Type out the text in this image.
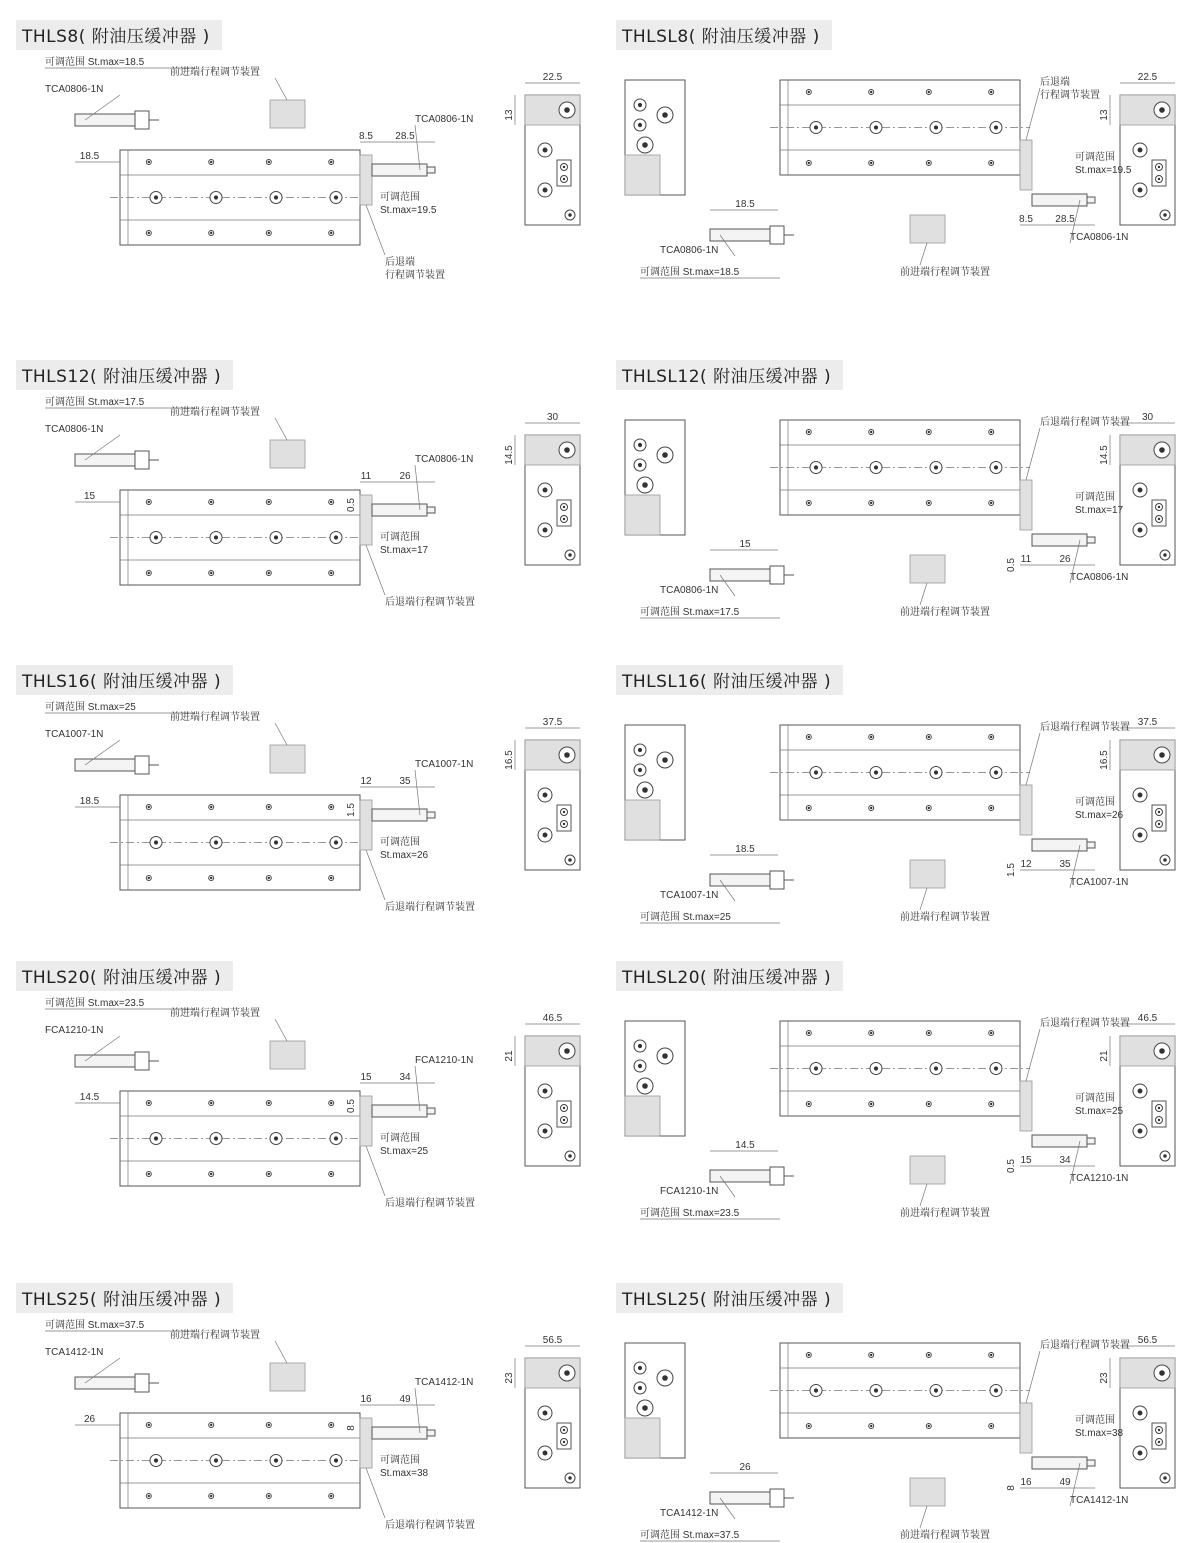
THLS8( 附油压缓冲器 )
22.5
13
可调范围 St.max=18.5
TCA0806-1N
前进端行程调节装置
18.5
8.5 28.5
TCA0806-1N
可调范围
St.max=19.5
后退端
行程调节装置
THLSL8( 附油压缓冲器 )
22.5
13
可调范围 St.max=18.5
TCA0806-1N
前进端行程调节装置
18.5
8.5 28.5
TCA0806-1N
可调范围
St.max=19.5
后退端
行程调节装置
THLS12( 附油压缓冲器 )
30
14.5
可调范围 St.max=17.5
TCA0806-1N
前进端行程调节装置
15
11	26
0.5
TCA0806-1N
可调范围
St.max=17
后退端行程调节装置
THLSL12( 附油压缓冲器 )
30
14.5
可调范围 St.max=17.5
TCA0806-1N
前进端行程调节装置
15
11	26
0.5
TCA0806-1N
可调范围
St.max=17
后退端行程调节装置
THLS16( 附油压缓冲器 )
37.5
16.5
可调范围 St.max=25
TCA1007-1N
前进端行程调节装置
18.5
12	35
1.5
TCA1007-1N
可调范围
St.max=26
后退端行程调节装置
THLSL16( 附油压缓冲器 )
37.5
16.5
可调范围 St.max=25
TCA1007-1N
前进端行程调节装置
18.5
12	35
1.5
TCA1007-1N
可调范围
St.max=26
后退端行程调节装置
THLS20( 附油压缓冲器 )
46.5
21
可调范围 St.max=23.5
FCA1210-1N
前进端行程调节装置
14.5
15	34
0.5
FCA1210-1N
可调范围
St.max=25
后退端行程调节装置
THLSL20( 附油压缓冲器 )
46.5
21
可调范围 St.max=23.5
FCA1210-1N
前进端行程调节装置
14.5
15	34
0.5
TCA1210-1N
可调范围
St.max=25
后退端行程调节装置
THLS25( 附油压缓冲器 )
56.5
23
可调范围 St.max=37.5
TCA1412-1N
前进端行程调节装置
26
16	49
8
TCA1412-1N
可调范围
St.max=38
后退端行程调节装置
THLSL25( 附油压缓冲器 )
56.5
23
可调范围 St.max=37.5
TCA1412-1N
前进端行程调节装置
26
16	49
8
TCA1412-1N
可调范围
St.max=38
后退端行程调节装置
